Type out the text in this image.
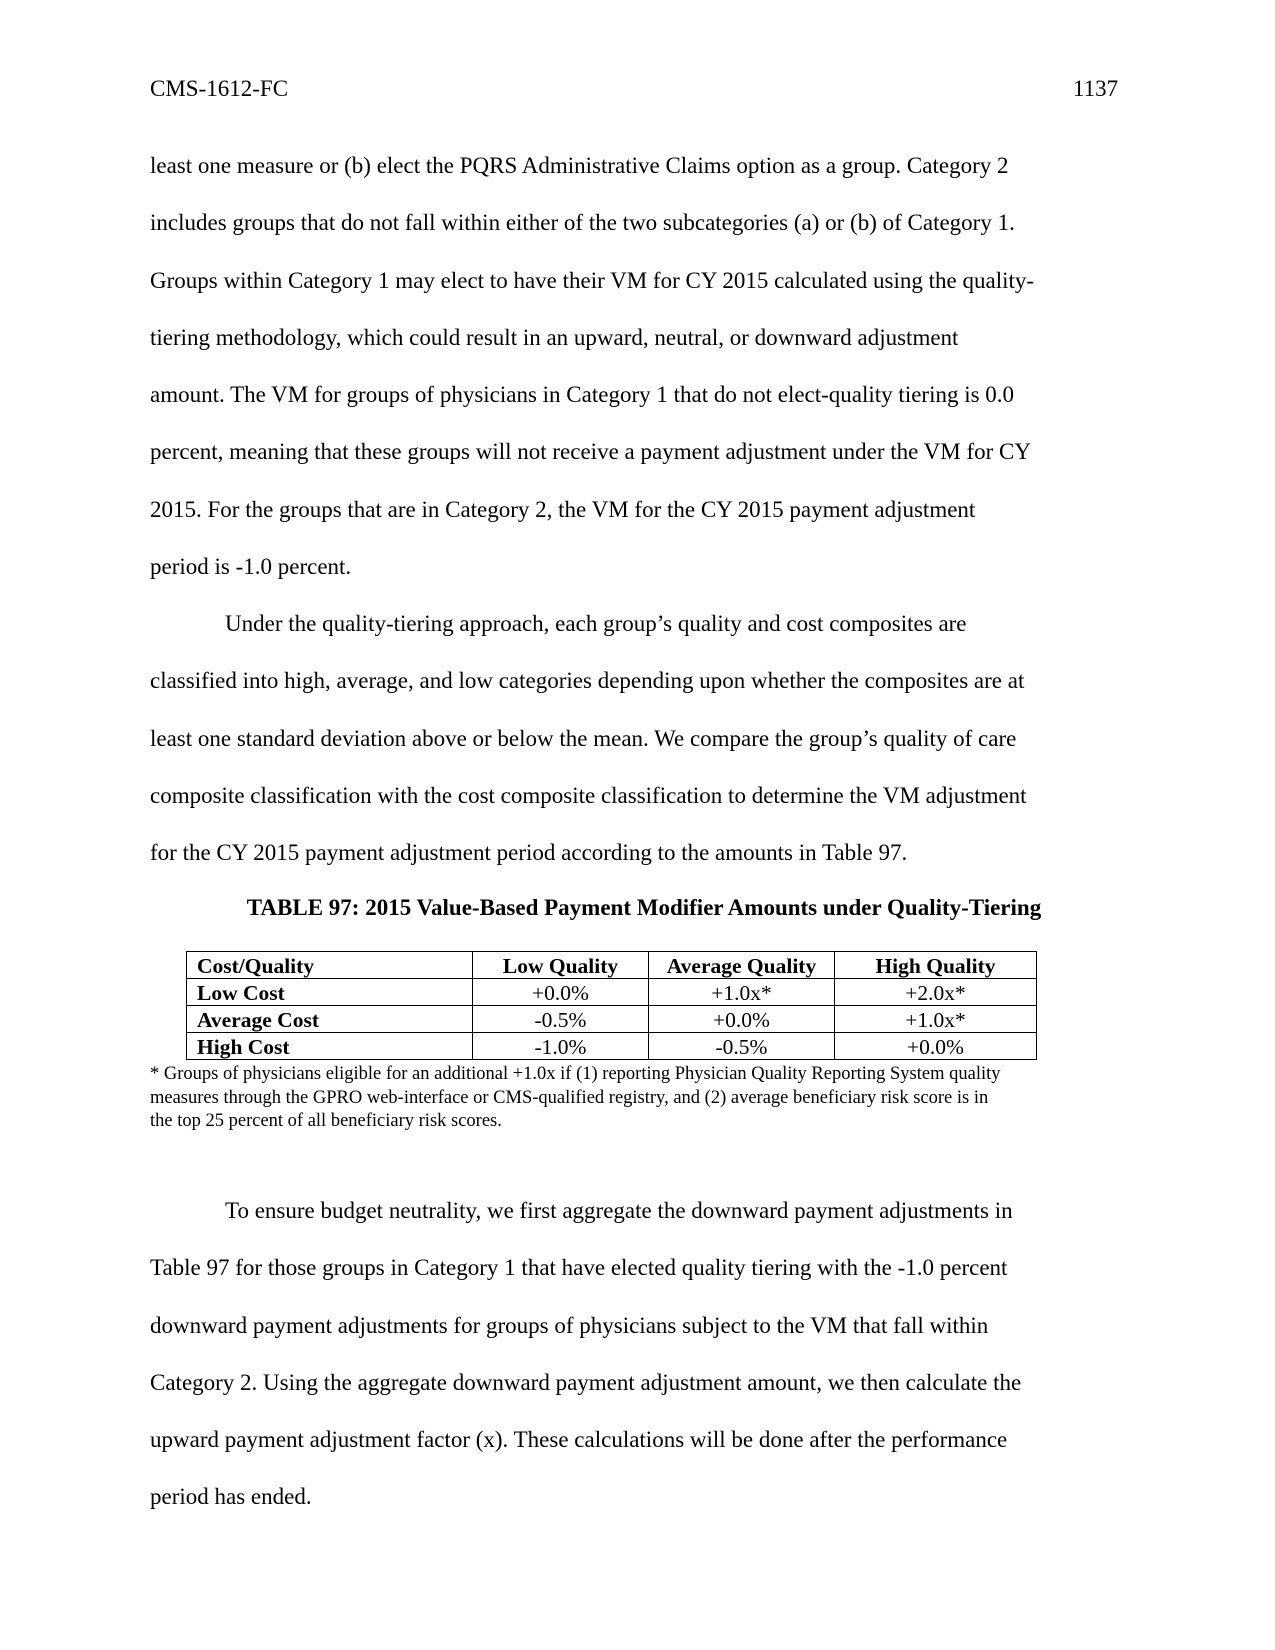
CMS-1612-FC	1137
least one measure or (b) elect the PQRS Administrative Claims option as a group. Category 2
includes groups that do not fall within either of the two subcategories (a) or (b) of Category 1.
Groups within Category 1 may elect to have their VM for CY 2015 calculated using the quality-
tiering methodology, which could result in an upward, neutral, or downward adjustment
amount. The VM for groups of physicians in Category 1 that do not elect-quality tiering is 0.0
percent, meaning that these groups will not receive a payment adjustment under the VM for CY
2015. For the groups that are in Category 2, the VM for the CY 2015 payment adjustment
period is -1.0 percent.
Under the quality-tiering approach, each group’s quality and cost composites are
classified into high, average, and low categories depending upon whether the composites are at
least one standard deviation above or below the mean. We compare the group’s quality of care
composite classification with the cost composite classification to determine the VM adjustment
for the CY 2015 payment adjustment period according to the amounts in Table 97.
TABLE 97: 2015 Value-Based Payment Modifier Amounts under Quality-Tiering
Cost/Quality	Low Quality	Average Quality	High Quality
Low Cost	+0.0%	+1.0x*	+2.0x*
Average Cost	-0.5%	+0.0%	+1.0x*
High Cost	-1.0%	-0.5%	+0.0%
* Groups of physicians eligible for an additional +1.0x if (1) reporting Physician Quality Reporting System quality
measures through the GPRO web-interface or CMS-qualified registry, and (2) average beneficiary risk score is in
the top 25 percent of all beneficiary risk scores.
To ensure budget neutrality, we first aggregate the downward payment adjustments in
Table 97 for those groups in Category 1 that have elected quality tiering with the -1.0 percent
downward payment adjustments for groups of physicians subject to the VM that fall within
Category 2. Using the aggregate downward payment adjustment amount, we then calculate the
upward payment adjustment factor (x). These calculations will be done after the performance
period has ended.
